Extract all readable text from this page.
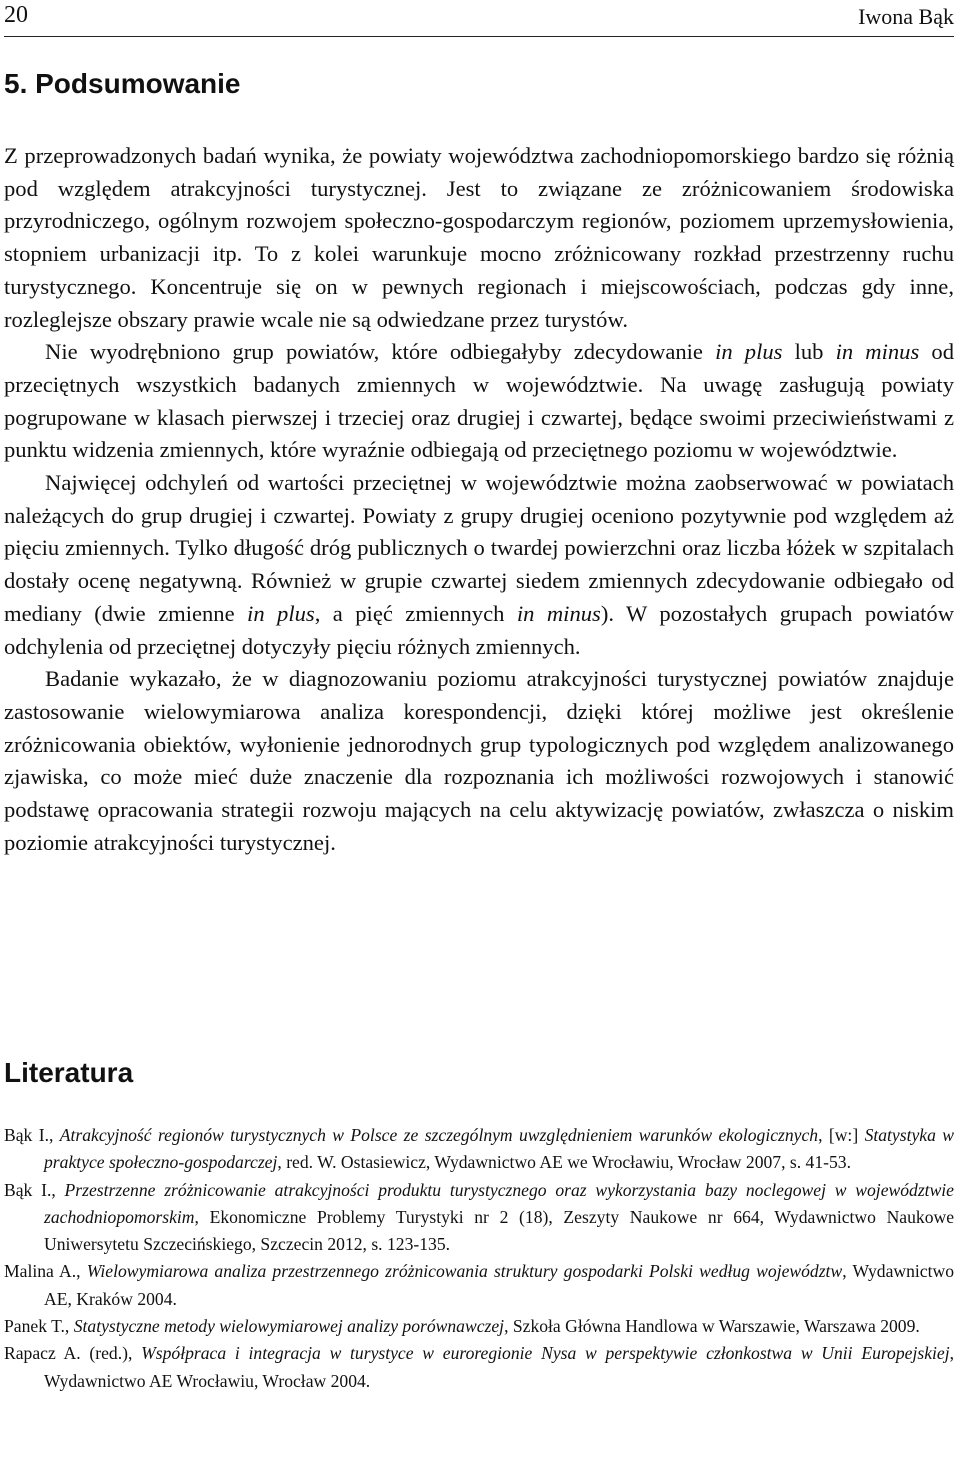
20	Iwona Bąk
5. Podsumowanie

Z przeprowadzonych badań wynika, że powiaty województwa zachodniopomorskiego bardzo się różnią pod względem atrakcyjności turystycznej. Jest to związane ze zróżnicowaniem środowiska przyrodniczego, ogólnym rozwojem społeczno-gospodarczym regionów, poziomem uprzemysłowienia, stopniem urbanizacji itp. To z kolei warunkuje mocno zróżnicowany rozkład przestrzenny ruchu turystycznego. Koncentruje się on w pewnych regionach i miejscowościach, podczas gdy inne, rozleglejsze obszary prawie wcale nie są odwiedzane przez turystów.

Nie wyodrębniono grup powiatów, które odbiegałyby zdecydowanie in plus lub in minus od przeciętnych wszystkich badanych zmiennych w województwie. Na uwagę zasługują powiaty pogrupowane w klasach pierwszej i trzeciej oraz drugiej i czwartej, będące swoimi przeciwieństwami z punktu widzenia zmiennych, które wyraźnie odbiegają od przeciętnego poziomu w województwie.

Najwięcej odchyleń od wartości przeciętnej w województwie można zaobserwować w powiatach należących do grup drugiej i czwartej. Powiaty z grupy drugiej oceniono pozytywnie pod względem aż pięciu zmiennych. Tylko długość dróg publicznych o twardej powierzchni oraz liczba łóżek w szpitalach dostały ocenę negatywną. Również w grupie czwartej siedem zmiennych zdecydowanie odbiegało od mediany (dwie zmienne in plus, a pięć zmiennych in minus). W pozostałych grupach powiatów odchylenia od przeciętnej dotyczyły pięciu różnych zmiennych.

Badanie wykazało, że w diagnozowaniu poziomu atrakcyjności turystycznej powiatów znajduje zastosowanie wielowymiarowa analiza korespondencji, dzięki której możliwe jest określenie zróżnicowania obiektów, wyłonienie jednorodnych grup typologicznych pod względem analizowanego zjawiska, co może mieć duże znaczenie dla rozpoznania ich możliwości rozwojowych i stanowić podstawę opracowania strategii rozwoju mających na celu aktywizację powiatów, zwłaszcza o niskim poziomie atrakcyjności turystycznej.

Literatura

Bąk I., Atrakcyjność regionów turystycznych w Polsce ze szczególnym uwzględnieniem warunków ekologicznych, [w:] Statystyka w praktyce społeczno-gospodarczej, red. W. Ostasiewicz, Wydawnictwo AE we Wrocławiu, Wrocław 2007, s. 41-53.

Bąk I., Przestrzenne zróżnicowanie atrakcyjności produktu turystycznego oraz wykorzystania bazy noclegowej w województwie zachodniopomorskim, Ekonomiczne Problemy Turystyki nr 2 (18), Zeszyty Naukowe nr 664, Wydawnictwo Naukowe Uniwersytetu Szczecińskiego, Szczecin 2012, s. 123-135.

Malina A., Wielowymiarowa analiza przestrzennego zróżnicowania struktury gospodarki Polski według województw, Wydawnictwo AE, Kraków 2004.

Panek T., Statystyczne metody wielowymiarowej analizy porównawczej, Szkoła Główna Handlowa w Warszawie, Warszawa 2009.

Rapacz A. (red.), Współpraca i integracja w turystyce w euroregionie Nysa w perspektywie członkostwa w Unii Europejskiej, Wydawnictwo AE Wrocławiu, Wrocław 2004.
